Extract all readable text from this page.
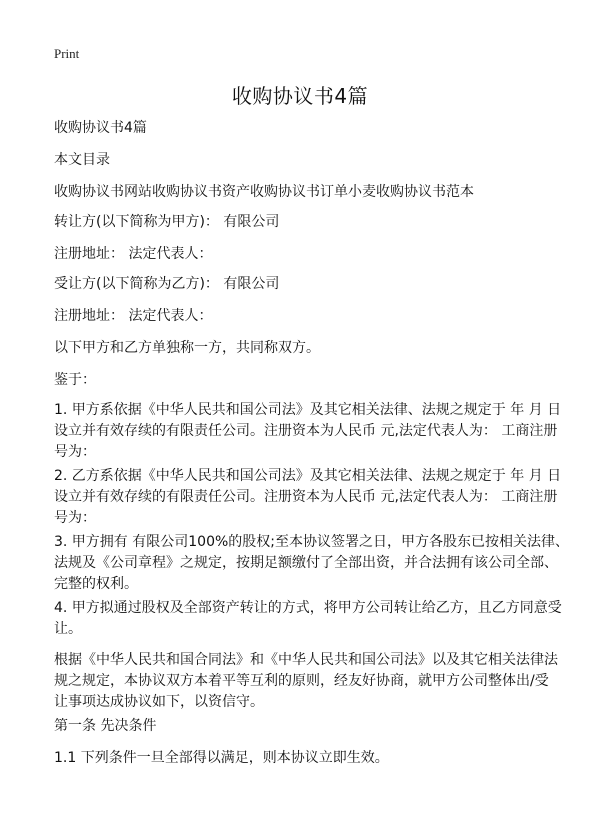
Print
收购协议书4篇

收购协议书4篇

本文目录

收购协议书网站收购协议书资产收购协议书订单小麦收购协议书范本

转让方(以下简称为甲方)： 有限公司

注册地址： 法定代表人：

受让方(以下简称为乙方)： 有限公司

注册地址： 法定代表人：

以下甲方和乙方单独称一方，共同称双方。

鉴于：

1. 甲方系依据《中华人民共和国公司法》及其它相关法律、法规之规定于 年 月 日
设立并有效存续的有限责任公司。注册资本为人民币 元,法定代表人为： 工商注册
号为：
2. 乙方系依据《中华人民共和国公司法》及其它相关法律、法规之规定于 年 月 日
设立并有效存续的有限责任公司。注册资本为人民币 元,法定代表人为： 工商注册
号为：
3. 甲方拥有 有限公司100%的股权;至本协议签署之日，甲方各股东已按相关法律、
法规及《公司章程》之规定，按期足额缴付了全部出资，并合法拥有该公司全部、
完整的权利。
4. 甲方拟通过股权及全部资产转让的方式，将甲方公司转让给乙方，且乙方同意受
让。
根据《中华人民共和国合同法》和《中华人民共和国公司法》以及其它相关法律法
规之规定，本协议双方本着平等互利的原则，经友好协商，就甲方公司整体出/受
让事项达成协议如下，以资信守。

第一条 先决条件

1.1 下列条件一旦全部得以满足，则本协议立即生效。
